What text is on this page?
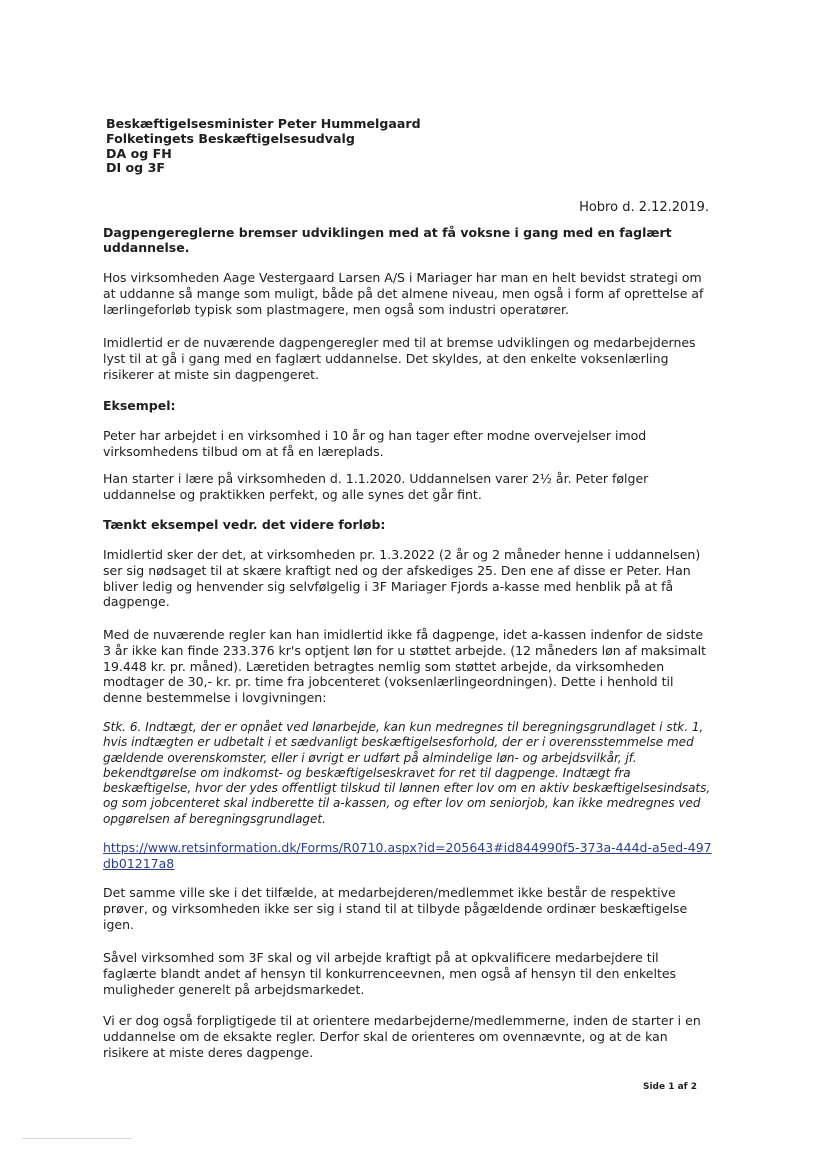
Beskæftigelsesminister Peter Hummelgaard
Folketingets Beskæftigelsesudvalg
DA og FH
DI og 3F
Hobro d. 2.12.2019.
Dagpengereglerne bremser udviklingen med at få voksne i gang med en faglært uddannelse.
Hos virksomheden Aage Vestergaard Larsen A/S i Mariager har man en helt bevidst strategi om at uddanne så mange som muligt, både på det almene niveau, men også i form af oprettelse af lærlingeforløb typisk som plastmagere, men også som industri operatører.
Imidlertid er de nuværende dagpengeregler med til at bremse udviklingen og medarbejdernes lyst til at gå i gang med en faglært uddannelse. Det skyldes, at den enkelte voksenlærling risikerer at miste sin dagpengeret.
Eksempel:
Peter har arbejdet i en virksomhed i 10 år og han tager efter modne overvejelser imod virksomhedens tilbud om at få en læreplads.
Han starter i lære på virksomheden d. 1.1.2020. Uddannelsen varer 2½ år. Peter følger uddannelse og praktikken perfekt, og alle synes det går fint.
Tænkt eksempel vedr. det videre forløb:
Imidlertid sker der det, at virksomheden pr. 1.3.2022 (2 år og 2 måneder henne i uddannelsen) ser sig nødsaget til at skære kraftigt ned og der afskediges 25. Den ene af disse er Peter. Han bliver ledig og henvender sig selvfølgelig i 3F Mariager Fjords a-kasse med henblik på at få dagpenge.
Med de nuværende regler kan han imidlertid ikke få dagpenge, idet a-kassen indenfor de sidste 3 år ikke kan finde 233.376 kr's optjent løn for u støttet arbejde. (12 måneders løn af maksimalt 19.448 kr. pr. måned). Læretiden betragtes nemlig som støttet arbejde, da virksomheden modtager de 30,- kr. pr. time fra jobcenteret (voksenlærlingeordningen). Dette i henhold til denne bestemmelse i lovgivningen:
Stk. 6. Indtægt, der er opnået ved lønarbejde, kan kun medregnes til beregningsgrundlaget i stk. 1, hvis indtægten er udbetalt i et sædvanligt beskæftigelsesforhold, der er i overensstemmelse med gældende overenskomster, eller i øvrigt er udført på almindelige løn- og arbejdsvilkår, jf. bekendtgørelse om indkomst- og beskæftigelseskravet for ret til dagpenge. Indtægt fra beskæftigelse, hvor der ydes offentligt tilskud til lønnen efter lov om en aktiv beskæftigelsesindsats, og som jobcenteret skal indberette til a-kassen, og efter lov om seniorjob, kan ikke medregnes ved opgørelsen af beregningsgrundlaget.
https://www.retsinformation.dk/Forms/R0710.aspx?id=205643#id844990f5-373a-444d-a5ed-497db01217a8
Det samme ville ske i det tilfælde, at medarbejderen/medlemmet ikke består de respektive prøver, og virksomheden ikke ser sig i stand til at tilbyde pågældende ordinær beskæftigelse igen.
Såvel virksomhed som 3F skal og vil arbejde kraftigt på at opkvalificere medarbejdere til faglærte blandt andet af hensyn til konkurrenceevnen, men også af hensyn til den enkeltes muligheder generelt på arbejdsmarkedet.
Vi er dog også forpligtigede til at orientere medarbejderne/medlemmerne, inden de starter i en uddannelse om de eksakte regler. Derfor skal de orienteres om ovennævnte, og at de kan risikere at miste deres dagpenge.
Side 1 af 2
